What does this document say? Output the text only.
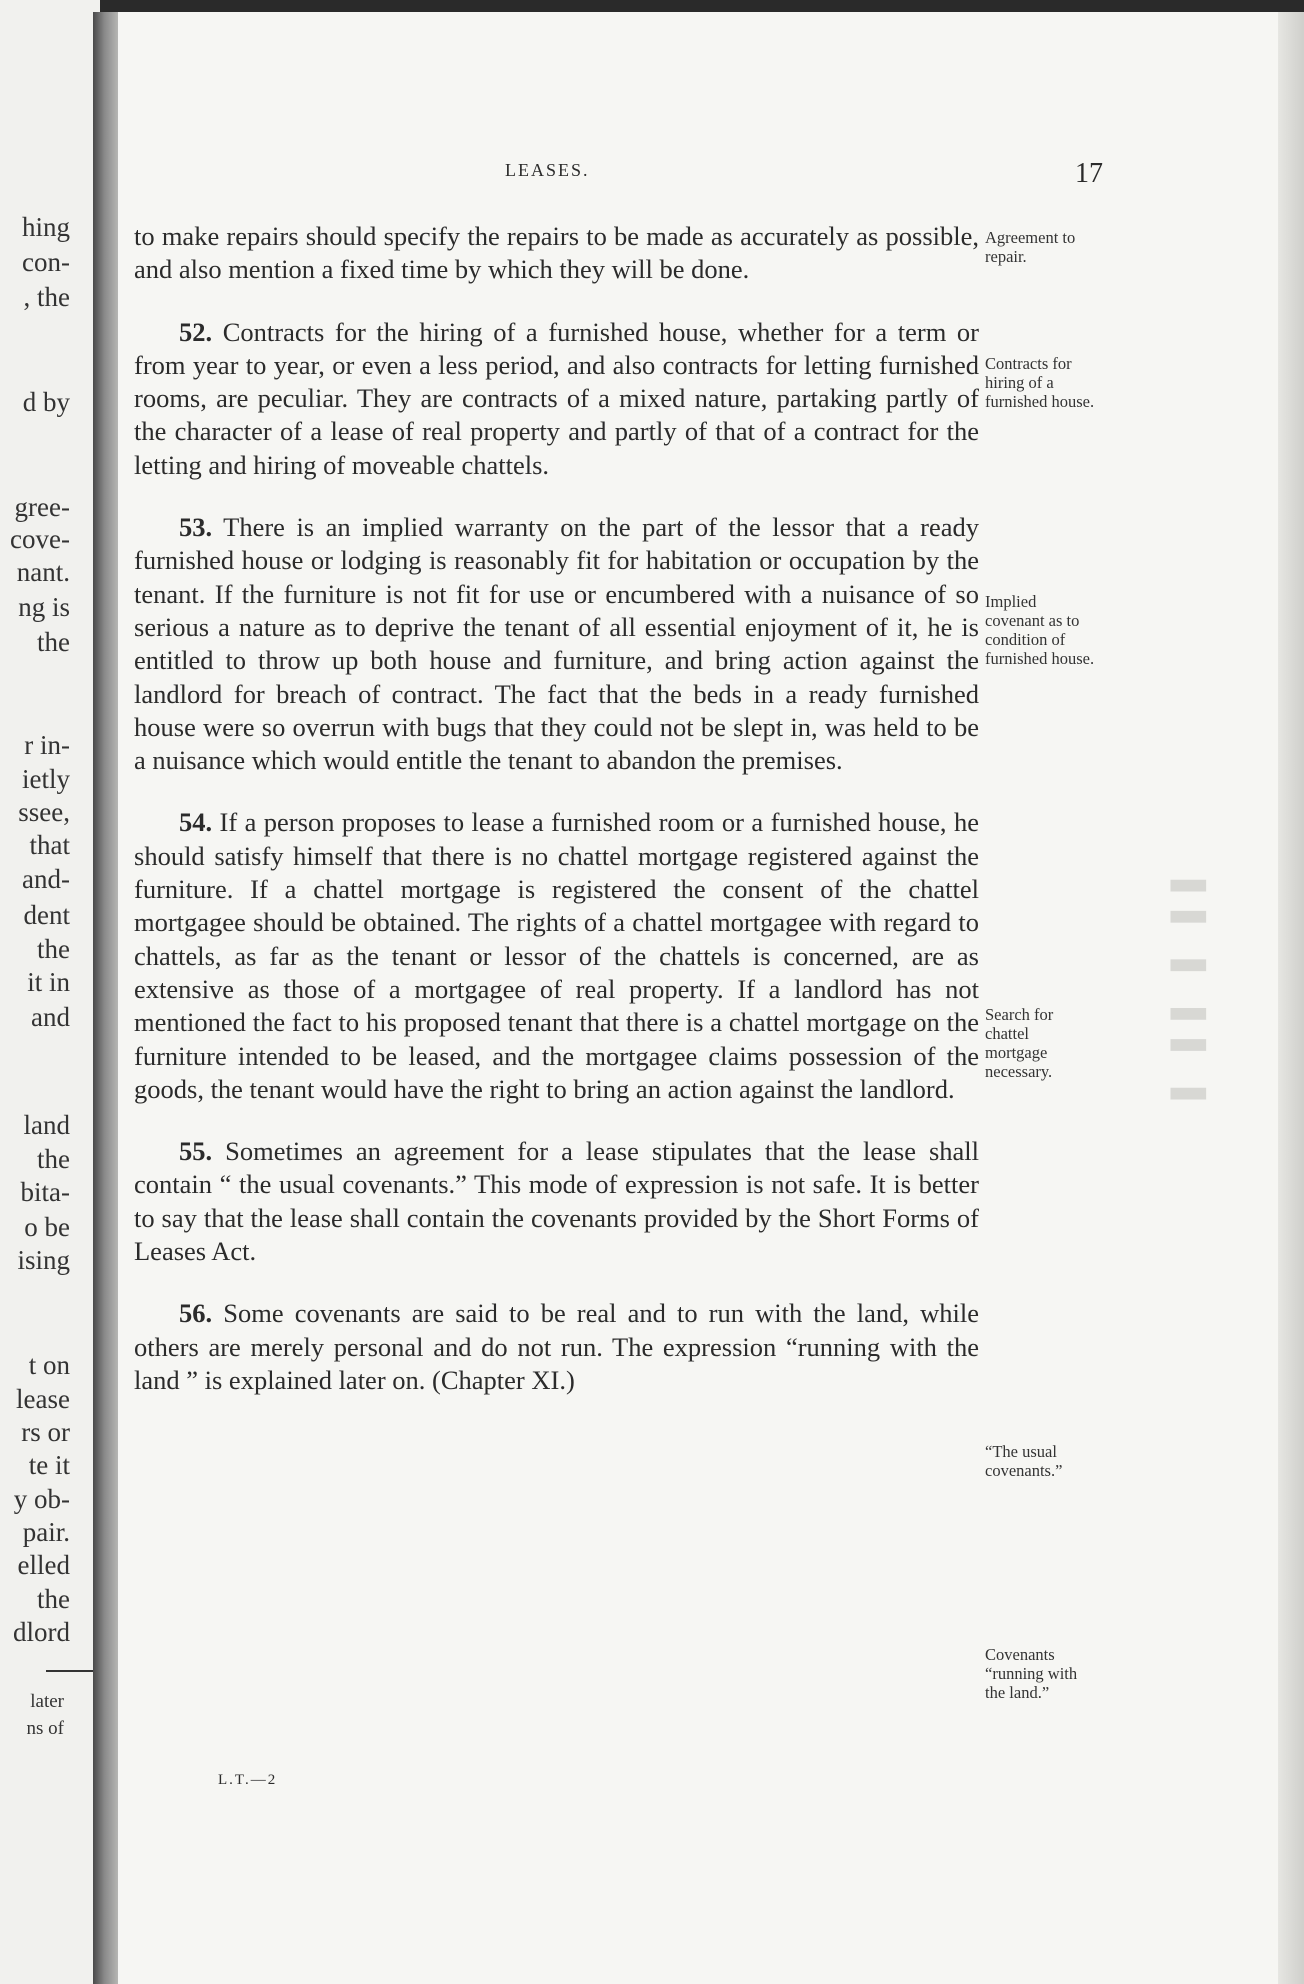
hing
con-
, the
d by
gree-
cove-
nant.
ng is
the
r in-
ietly
ssee,
that
and-
dent
the
it in
and
land
the
bita-
o be
ising
t on
lease
rs or
te it
y ob-
pair.
elled
the
dlord
later
ns of
LEASES.	17

to make repairs should specify the repairs to be made as accurately as possible, and also mention a fixed time by which they will be done.

52. Contracts for the hiring of a furnished house, whether for a term or from year to year, or even a less period, and also contracts for letting furnished rooms, are peculiar. They are contracts of a mixed nature, partaking partly of the character of a lease of real property and partly of that of a contract for the letting and hiring of moveable chattels.

53. There is an implied warranty on the part of the lessor that a ready furnished house or lodging is reasonably fit for habitation or occupation by the tenant. If the furniture is not fit for use or encumbered with a nuisance of so serious a nature as to deprive the tenant of all essential enjoyment of it, he is entitled to throw up both house and furniture, and bring action against the landlord for breach of contract. The fact that the beds in a ready furnished house were so overrun with bugs that they could not be slept in, was held to be a nuisance which would entitle the tenant to abandon the premises.

54. If a person proposes to lease a furnished room or a furnished house, he should satisfy himself that there is no chattel mortgage registered against the furniture. If a chattel mortgage is registered the consent of the chattel mortgagee should be obtained. The rights of a chattel mortgagee with regard to chattels, as far as the tenant or lessor of the chattels is concerned, are as extensive as those of a mortgagee of real property. If a landlord has not mentioned the fact to his proposed tenant that there is a chattel mortgage on the furniture intended to be leased, and the mortgagee claims possession of the goods, the tenant would have the right to bring an action against the landlord.

55. Sometimes an agreement for a lease stipulates that the lease shall contain “ the usual covenants.” This mode of expression is not safe. It is better to say that the lease shall contain the covenants provided by the Short Forms of Leases Act.

56. Some covenants are said to be real and to run with the land, while others are merely personal and do not run. The expression “running with the land ” is explained later on. (Chapter XI.)

Agreement to repair.
Contracts for hiring of a furnished house.
Implied covenant as to condition of furnished house.
Search for chattel mortgage necessary.
“The usual covenants.”
Covenants “running with the land.”
L.T.—2
▌▌ ▌ ▌▌ ▌
